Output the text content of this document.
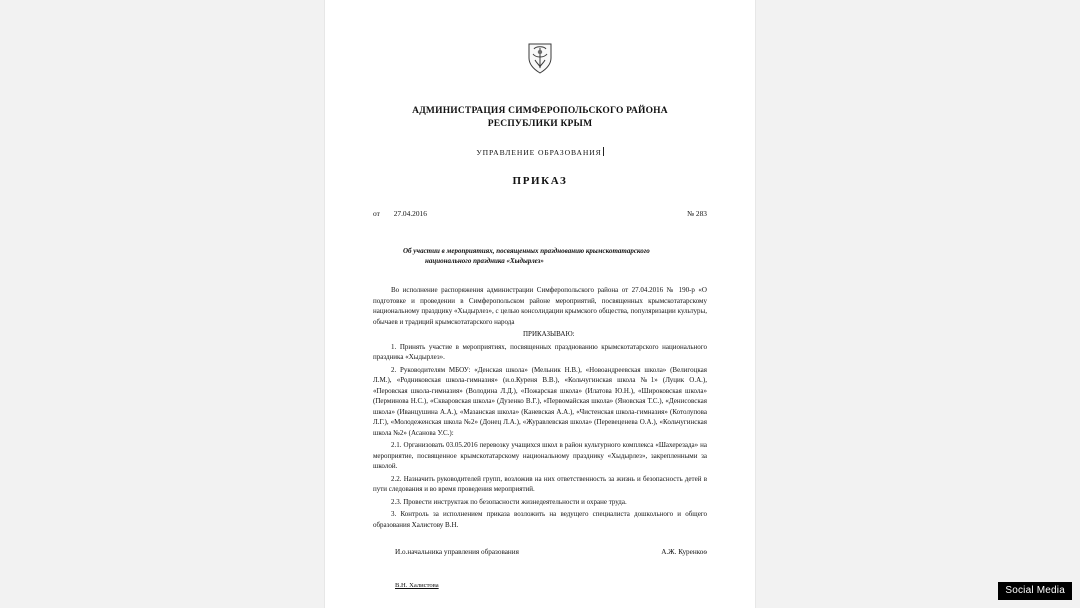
АДМИНИСТРАЦИЯ СИМФЕРОПОЛЬСКОГО РАЙОНА
РЕСПУБЛИКИ КРЫМ
УПРАВЛЕНИЕ ОБРАЗОВАНИЯ
ПРИКАЗ
от 27.04.2016	№ 283
Об участии в мероприятиях, посвященных празднованию крымскотатарского
национального праздника «Хыдырлез»

Во исполнение распоряжения администрации Симферопольского района от 27.04.2016 № 190-р «О подготовке и проведении в Симферопольском районе мероприятий, посвященных крымскотатарскому национальному праздцику «Хыдырлез», с целью консолидации крымского общества, популяризации культуры, обычаев и традиций крымскотатарского народа

ПРИКАЗЫВАЮ:

1. Принять участие в мероприятиях, посвященных празднованию крымскотатарского национального праздника «Хыдырлез».

2. Руководителям МБОУ: «Денская школа» (Мельник Н.В.), «Новоандреевская школа» (Велигоцкая Л.М.), «Родниковская школа-гимназия» (и.о.Куреня В.В.), «Кольчугинская школа №1» (Луцик О.А.), «Перовская школа-гимназия» (Володина Л.Д.), «Пожарская школа» (Илатова Ю.Н.), «Широковская школа» (Перминова Н.С.), «Скваровская школа» (Дузенко В.Г.), «Первомайская школа» (Яновская Т.С.), «Денисовская школа» (Иванцушина А.А.), «Мазанская школа» (Каневская А.А.), «Чистенская школа-гимназия» (Котолупова Л.Г.), «Молодеженская школа №2» (Донец Л.А.), «Журавлевская школа» (Перевеценева О.А.), «Кольчугинская школа №2» (Асанова У.С.):

2.1. Организовать 03.05.2016 перевозку учащихся школ в район культурного комплекса «Шахерезада» на мероприятие, посвященное крымскотатарскому национальному празднику «Хыдырлез», закрепленными за школой.

2.2. Назначить руководителей групп, возложив на них ответственность за жизнь и безопасность детей в пути следования и во время проведения мероприятий.

2.3. Провести инструктаж по безопасности жизнедеятельности и охране труда.

3. Контроль за исполнением приказа возложить на ведущего специалиста дошкольного и общего образования Халистову В.Н.

И.о.начальника управления образования	А.Ж. Куренкоѳ
В.Н. Халистова	Social Media
